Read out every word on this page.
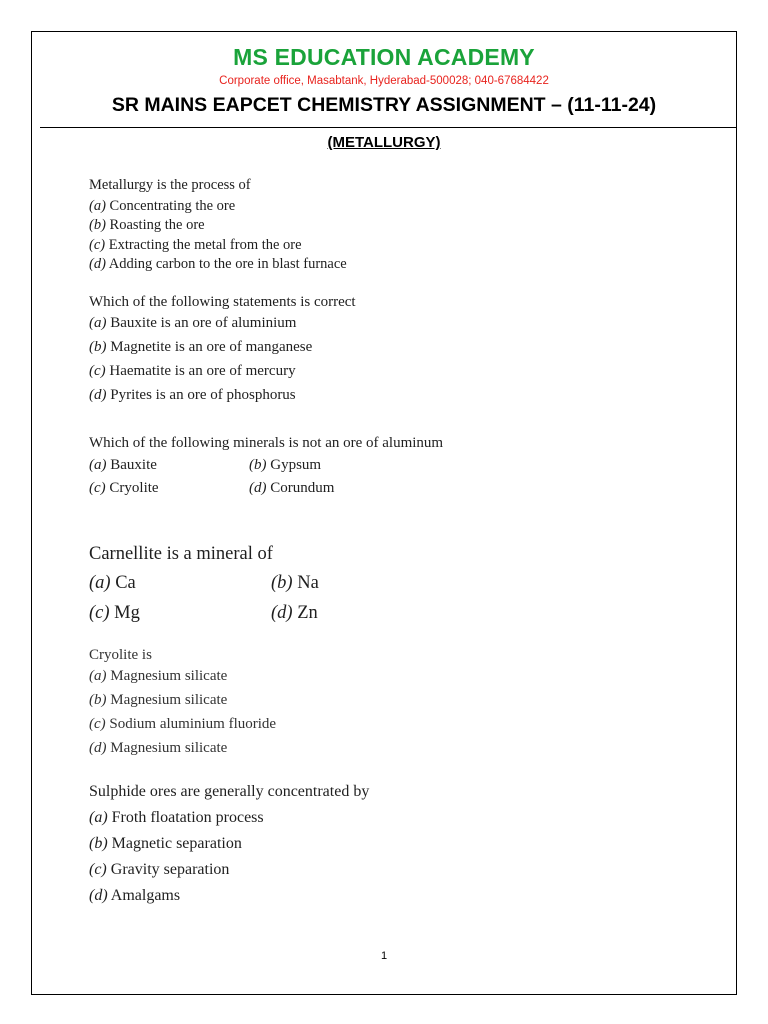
MS EDUCATION ACADEMY
Corporate office, Masabtank, Hyderabad-500028; 040-67684422
SR MAINS EAPCET CHEMISTRY ASSIGNMENT – (11-11-24)
(METALLURGY)
Metallurgy is the process of
(a) Concentrating the ore
(b) Roasting the ore
(c) Extracting the metal from the ore
(d) Adding carbon to the ore in blast furnace
Which of the following statements is correct
(a) Bauxite is an ore of aluminium
(b) Magnetite is an ore of manganese
(c) Haematite is an ore of mercury
(d) Pyrites is an ore of phosphorus
Which of the following minerals is not an ore of aluminum
(a) Bauxite	(b) Gypsum
(c) Cryolite	(d) Corundum
Carnellite is a mineral of
(a) Ca	(b) Na
(c) Mg	(d) Zn
Cryolite is
(a) Magnesium silicate
(b) Magnesium silicate
(c) Sodium aluminium fluoride
(d) Magnesium silicate
Sulphide ores are generally concentrated by
(a) Froth floatation process
(b) Magnetic separation
(c) Gravity separation
(d) Amalgams
1
